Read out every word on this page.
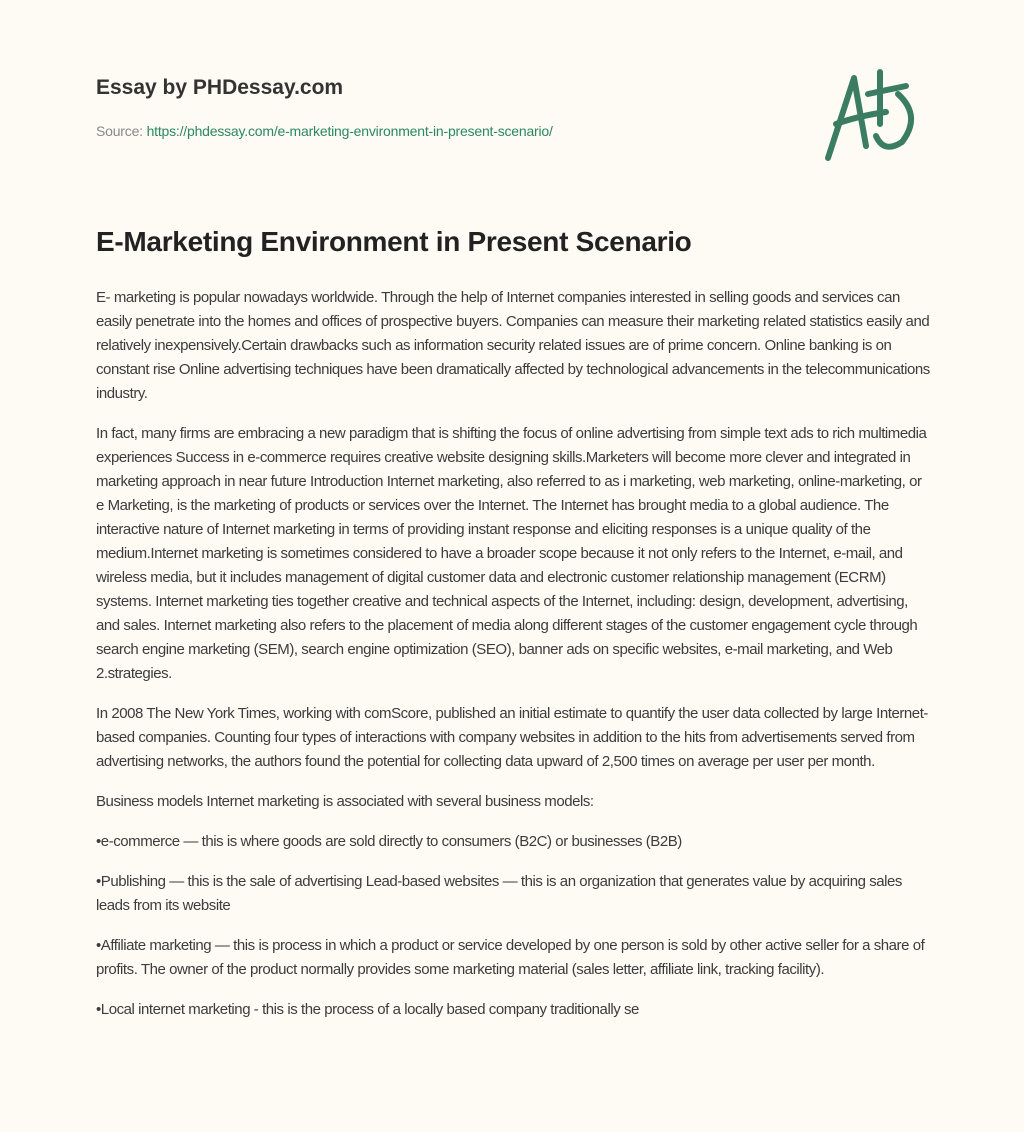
Essay by PHDessay.com
Source: https://phdessay.com/e-marketing-environment-in-present-scenario/
E-Marketing Environment in Present Scenario

E- marketing is popular nowadays worldwide. Through the help of Internet companies interested in selling goods and services can easily penetrate into the homes and offices of prospective buyers. Companies can measure their marketing related statistics easily and relatively inexpensively.Certain drawbacks such as information security related issues are of prime concern. Online banking is on constant rise Online advertising techniques have been dramatically affected by technological advancements in the telecommunications industry.

In fact, many firms are embracing a new paradigm that is shifting the focus of online advertising from simple text ads to rich multimedia experiences Success in e-commerce requires creative website designing skills.Marketers will become more clever and integrated in marketing approach in near future Introduction Internet marketing, also referred to as i marketing, web marketing, online-marketing, or e Marketing, is the marketing of products or services over the Internet. The Internet has brought media to a global audience. The interactive nature of Internet marketing in terms of providing instant response and eliciting responses is a unique quality of the medium.Internet marketing is sometimes considered to have a broader scope because it not only refers to the Internet, e-mail, and wireless media, but it includes management of digital customer data and electronic customer relationship management (ECRM) systems. Internet marketing ties together creative and technical aspects of the Internet, including: design, development, advertising, and sales. Internet marketing also refers to the placement of media along different stages of the customer engagement cycle through search engine marketing (SEM), search engine optimization (SEO), banner ads on specific websites, e-mail marketing, and Web 2.strategies.

In 2008 The New York Times, working with comScore, published an initial estimate to quantify the user data collected by large Internet-based companies. Counting four types of interactions with company websites in addition to the hits from advertisements served from advertising networks, the authors found the potential for collecting data upward of 2,500 times on average per user per month.

Business models Internet marketing is associated with several business models:

•e-commerce — this is where goods are sold directly to consumers (B2C) or businesses (B2B)

•Publishing — this is the sale of advertising Lead-based websites — this is an organization that generates value by acquiring sales leads from its website

•Affiliate marketing — this is process in which a product or service developed by one person is sold by other active seller for a share of profits. The owner of the product normally provides some marketing material (sales letter, affiliate link, tracking facility).

•Local internet marketing - this is the process of a locally based company traditionally se
